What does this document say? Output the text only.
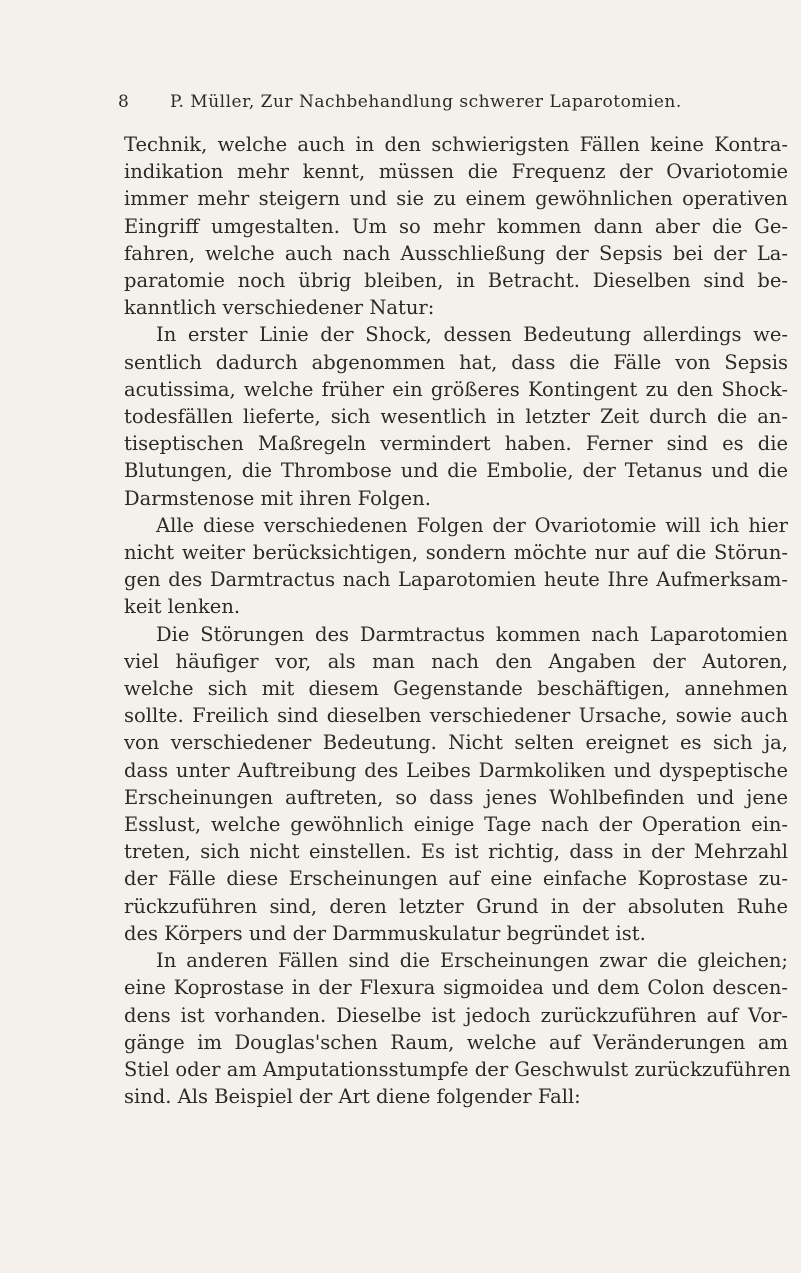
8 P. Müller, Zur Nachbehandlung schwerer Laparotomien.
Technik, welche auch in den schwierigsten Fällen keine Kontra-
indikation mehr kennt, müssen die Frequenz der Ovariotomie
immer mehr steigern und sie zu einem gewöhnlichen operativen
Eingriff umgestalten. Um so mehr kommen dann aber die Ge-
fahren, welche auch nach Ausschließung der Sepsis bei der La-
paratomie noch übrig bleiben, in Betracht. Dieselben sind be-
kanntlich verschiedener Natur:
In erster Linie der Shock, dessen Bedeutung allerdings we-
sentlich dadurch abgenommen hat, dass die Fälle von Sepsis
acutissima, welche früher ein größeres Kontingent zu den Shock-
todesfällen lieferte, sich wesentlich in letzter Zeit durch die an-
tiseptischen Maßregeln vermindert haben. Ferner sind es die
Blutungen, die Thrombose und die Embolie, der Tetanus und die
Darmstenose mit ihren Folgen.
Alle diese verschiedenen Folgen der Ovariotomie will ich hier
nicht weiter berücksichtigen, sondern möchte nur auf die Störun-
gen des Darmtractus nach Laparotomien heute Ihre Aufmerksam-
keit lenken.
Die Störungen des Darmtractus kommen nach Laparotomien
viel häufiger vor, als man nach den Angaben der Autoren,
welche sich mit diesem Gegenstande beschäftigen, annehmen
sollte. Freilich sind dieselben verschiedener Ursache, sowie auch
von verschiedener Bedeutung. Nicht selten ereignet es sich ja,
dass unter Auftreibung des Leibes Darmkoliken und dyspeptische
Erscheinungen auftreten, so dass jenes Wohlbefinden und jene
Esslust, welche gewöhnlich einige Tage nach der Operation ein-
treten, sich nicht einstellen. Es ist richtig, dass in der Mehrzahl
der Fälle diese Erscheinungen auf eine einfache Koprostase zu-
rückzuführen sind, deren letzter Grund in der absoluten Ruhe
des Körpers und der Darmmuskulatur begründet ist.
In anderen Fällen sind die Erscheinungen zwar die gleichen;
eine Koprostase in der Flexura sigmoidea und dem Colon descen-
dens ist vorhanden. Dieselbe ist jedoch zurückzuführen auf Vor-
gänge im Douglas'schen Raum, welche auf Veränderungen am
Stiel oder am Amputationsstumpfe der Geschwulst zurückzuführen
sind. Als Beispiel der Art diene folgender Fall:
